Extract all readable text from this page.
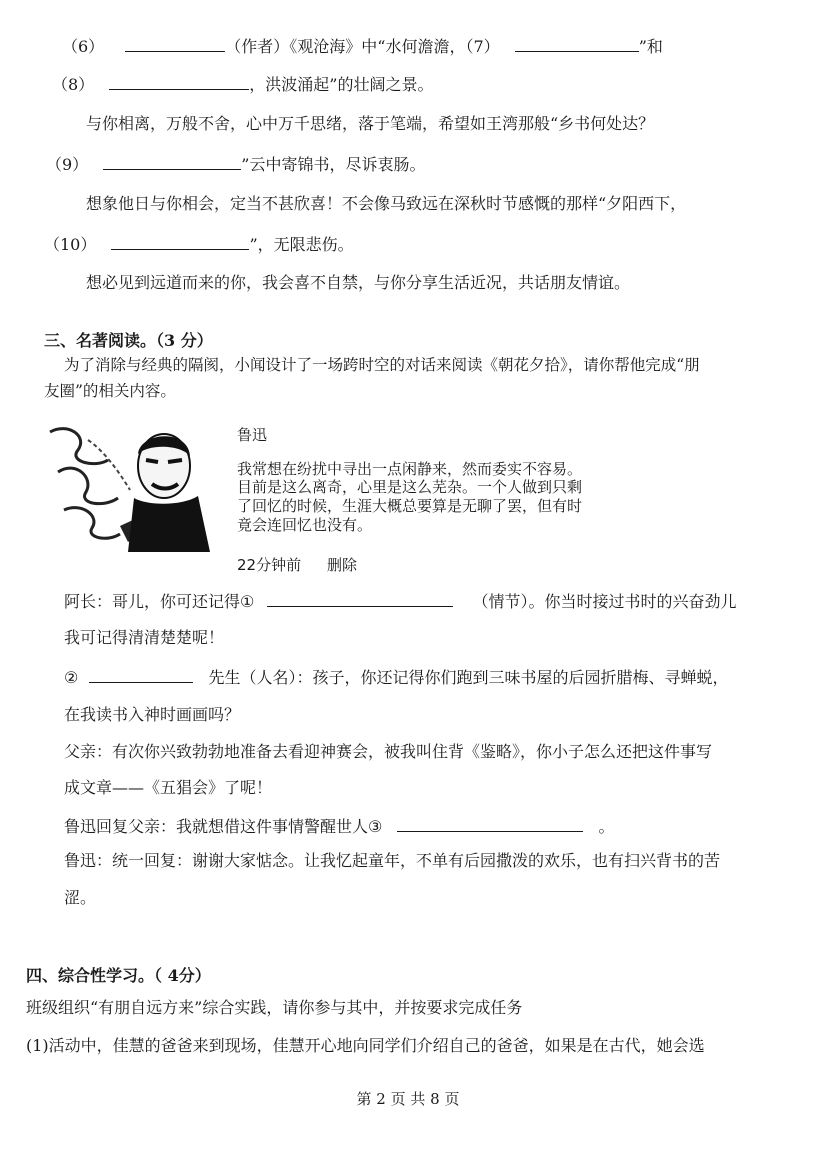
（6）	（作者）《观沧海》中“水何澹澹，（7）	”和
（8）	，洪波涌起”的壮阔之景。
与你相离，万般不舍，心中万千思绪，落于笔端，希望如王湾那般“乡书何处达？
（9）	”云中寄锦书，尽诉衷肠。
想象他日与你相会，定当不甚欣喜！不会像马致远在深秋时节感慨的那样“夕阳西下，
（10）	”，无限悲伤。
想必见到远道而来的你，我会喜不自禁，与你分享生活近况，共话朋友情谊。
三、名著阅读。（3 分）
为了消除与经典的隔阂，小闻设计了一场跨时空的对话来阅读《朝花夕拾》，请你帮他完成“朋
友圈”的相关内容。
鲁迅
我常想在纷扰中寻出一点闲静来，然而委实不容易。
目前是这么离奇，心里是这么芜杂。一个人做到只剩
了回忆的时候，生涯大概总要算是无聊了罢，但有时
竟会连回忆也没有。
22分钟前 删除
阿长：哥儿，你可还记得①	（情节）。你当时接过书时的兴奋劲儿
我可记得清清楚楚呢！
②	先生（人名）：孩子，你还记得你们跑到三味书屋的后园折腊梅、寻蝉蜕，
在我读书入神时画画吗？
父亲：有次你兴致勃勃地准备去看迎神赛会，被我叫住背《鉴略》，你小子怎么还把这件事写
成文章——《五猖会》了呢！
鲁迅回复父亲：我就想借这件事情警醒世人③	。
鲁迅：统一回复：谢谢大家惦念。让我忆起童年，不单有后园撒泼的欢乐，也有扫兴背书的苦
涩。
四、综合性学习。（ 4分）
班级组织“有朋自远方来”综合实践，请你参与其中，并按要求完成任务
(1)活动中，佳慧的爸爸来到现场，佳慧开心地向同学们介绍自己的爸爸，如果是在古代，她会选
第 2 页 共 8 页
